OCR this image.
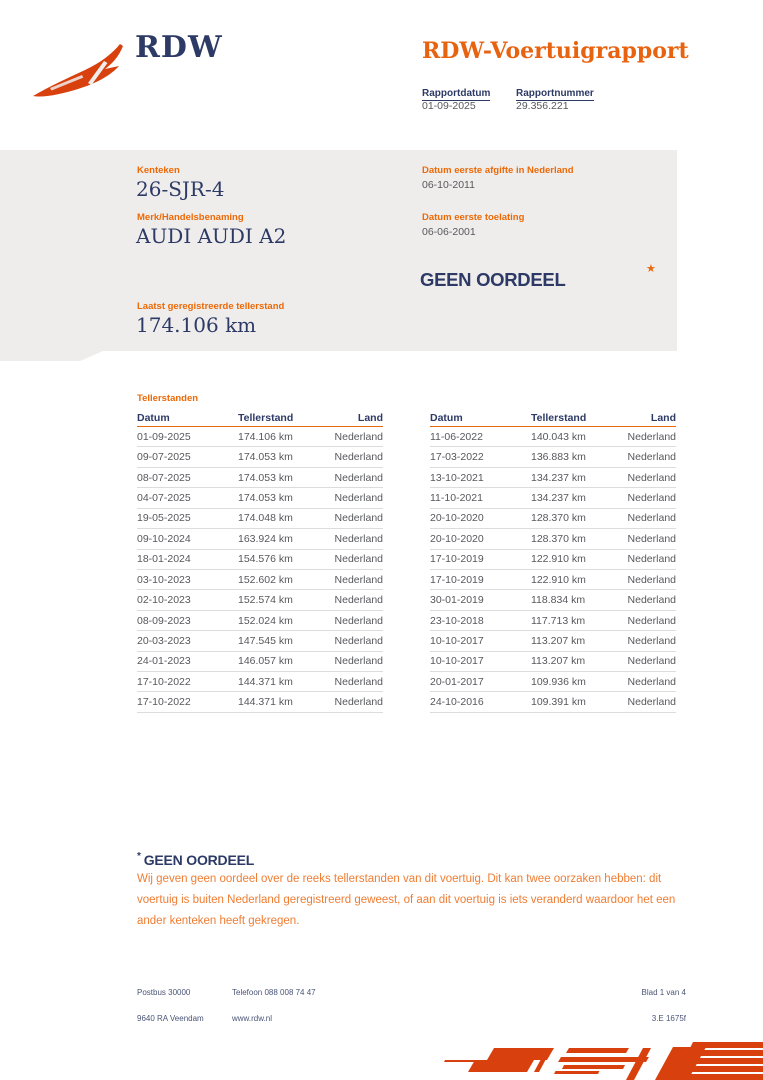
RDW	RDW-Voertuigrapport
Rapportdatum	Rapportnummer
01-09-2025	29.356.221
Kenteken
26-SJR-4
Merk/Handelsbenaming
AUDI AUDI A2
Datum eerste afgifte in Nederland
06-10-2011
Datum eerste toelating
06-06-2001
GEEN OORDEEL	★
Laatst geregistreerde tellerstand
174.106 km
Tellerstanden
Datum	Tellerstand	Land
01-09-2025	174.106 km	Nederland
09-07-2025	174.053 km	Nederland
08-07-2025	174.053 km	Nederland
04-07-2025	174.053 km	Nederland
19-05-2025	174.048 km	Nederland
09-10-2024	163.924 km	Nederland
18-01-2024	154.576 km	Nederland
03-10-2023	152.602 km	Nederland
02-10-2023	152.574 km	Nederland
08-09-2023	152.024 km	Nederland
20-03-2023	147.545 km	Nederland
24-01-2023	146.057 km	Nederland
17-10-2022	144.371 km	Nederland
17-10-2022	144.371 km	Nederland
Datum	Tellerstand	Land
11-06-2022	140.043 km	Nederland
17-03-2022	136.883 km	Nederland
13-10-2021	134.237 km	Nederland
11-10-2021	134.237 km	Nederland
20-10-2020	128.370 km	Nederland
20-10-2020	128.370 km	Nederland
17-10-2019	122.910 km	Nederland
17-10-2019	122.910 km	Nederland
30-01-2019	118.834 km	Nederland
23-10-2018	117.713 km	Nederland
10-10-2017	113.207 km	Nederland
10-10-2017	113.207 km	Nederland
20-01-2017	109.936 km	Nederland
24-10-2016	109.391 km	Nederland
* GEEN OORDEEL
Wij geven geen oordeel over de reeks tellerstanden van dit voertuig. Dit kan twee oorzaken hebben: dit voertuig is buiten Nederland geregistreerd geweest, of aan dit voertuig is iets veranderd waardoor het een ander kenteken heeft gekregen.
Postbus 30000
9640 RA Veendam
Telefoon 088 008 74 47
www.rdw.nl
Blad 1 van 4
3.E 1675f
